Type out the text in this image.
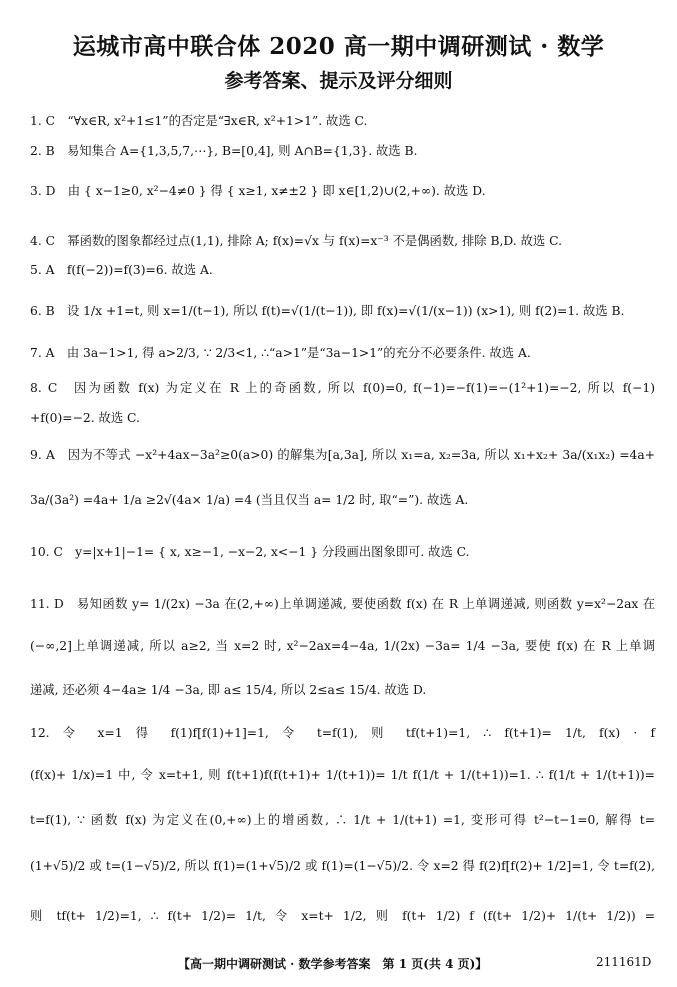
运城市高中联合体 2020 高一期中调研测试 · 数学
参考答案、提示及评分细则
1. C　“∀x∈R, x²+1≤1”的否定是“∃x∈R, x²+1>1”. 故选 C.
2. B　易知集合 A={1,3,5,7,⋯}, B=[0,4], 则 A∩B={1,3}. 故选 B.
3. D　由 { x−1≥0, x²−4≠0 } 得 { x≥1, x≠±2 } 即 x∈[1,2)∪(2,+∞). 故选 D.
4. C　幂函数的图象都经过点(1,1), 排除 A; f(x)=√x 与 f(x)=x⁻³ 不是偶函数, 排除 B,D. 故选 C.
5. A　f(f(−2))=f(3)=6. 故选 A.
6. B　设 1/x +1=t, 则 x=1/(t−1), 所以 f(t)=√(1/(t−1)), 即 f(x)=√(1/(x−1)) (x>1), 则 f(2)=1. 故选 B.
7. A　由 3a−1>1, 得 a>2/3, ∵ 2/3<1, ∴“a>1”是“3a−1>1”的充分不必要条件. 故选 A.
8. C　因为函数 f(x) 为定义在 R 上的奇函数, 所以 f(0)=0, f(−1)=−f(1)=−(1²+1)=−2, 所以 f(−1)
+f(0)=−2. 故选 C.
9. A　因为不等式 −x²+4ax−3a²≥0(a>0) 的解集为[a,3a], 所以 x₁=a, x₂=3a, 所以 x₁+x₂+ 3a/(x₁x₂) =4a+
3a/(3a²) =4a+ 1/a ≥2√(4a× 1/a) =4 (当且仅当 a= 1/2 时, 取“=”). 故选 A.
10. C　y=|x+1|−1= { x, x≥−1, −x−2, x<−1 } 分段画出图象即可. 故选 C.
11. D　易知函数 y= 1/(2x) −3a 在(2,+∞)上单调递减, 要使函数 f(x) 在 R 上单调递减, 则函数 y=x²−2ax 在
(−∞,2]上单调递减, 所以 a≥2, 当 x=2 时, x²−2ax=4−4a, 1/(2x) −3a= 1/4 −3a, 要使 f(x) 在 R 上单调
递减, 还必须 4−4a≥ 1/4 −3a, 即 a≤ 15/4, 所以 2≤a≤ 15/4. 故选 D.
12. 令 x=1 得 f(1)f[f(1)+1]=1, 令 t=f(1), 则 tf(t+1)=1, ∴ f(t+1)= 1/t, f(x) · f
(f(x)+ 1/x)=1 中, 令 x=t+1, 则 f(t+1)f(f(t+1)+ 1/(t+1))= 1/t f(1/t + 1/(t+1))=1. ∴ f(1/t + 1/(t+1))=
t=f(1), ∵ 函数 f(x) 为定义在(0,+∞)上的增函数, ∴ 1/t + 1/(t+1) =1, 变形可得 t²−t−1=0, 解得 t=
(1+√5)/2 或 t=(1−√5)/2, 所以 f(1)=(1+√5)/2 或 f(1)=(1−√5)/2. 令 x=2 得 f(2)f[f(2)+ 1/2]=1, 令 t=f(2),
则 tf(t+ 1/2)=1, ∴ f(t+ 1/2)= 1/t, 令 x=t+ 1/2, 则 f(t+ 1/2) f (f(t+ 1/2)+ 1/(t+ 1/2)) =
【高一期中调研测试 · 数学参考答案　第 1 页(共 4 页)】	211161D
